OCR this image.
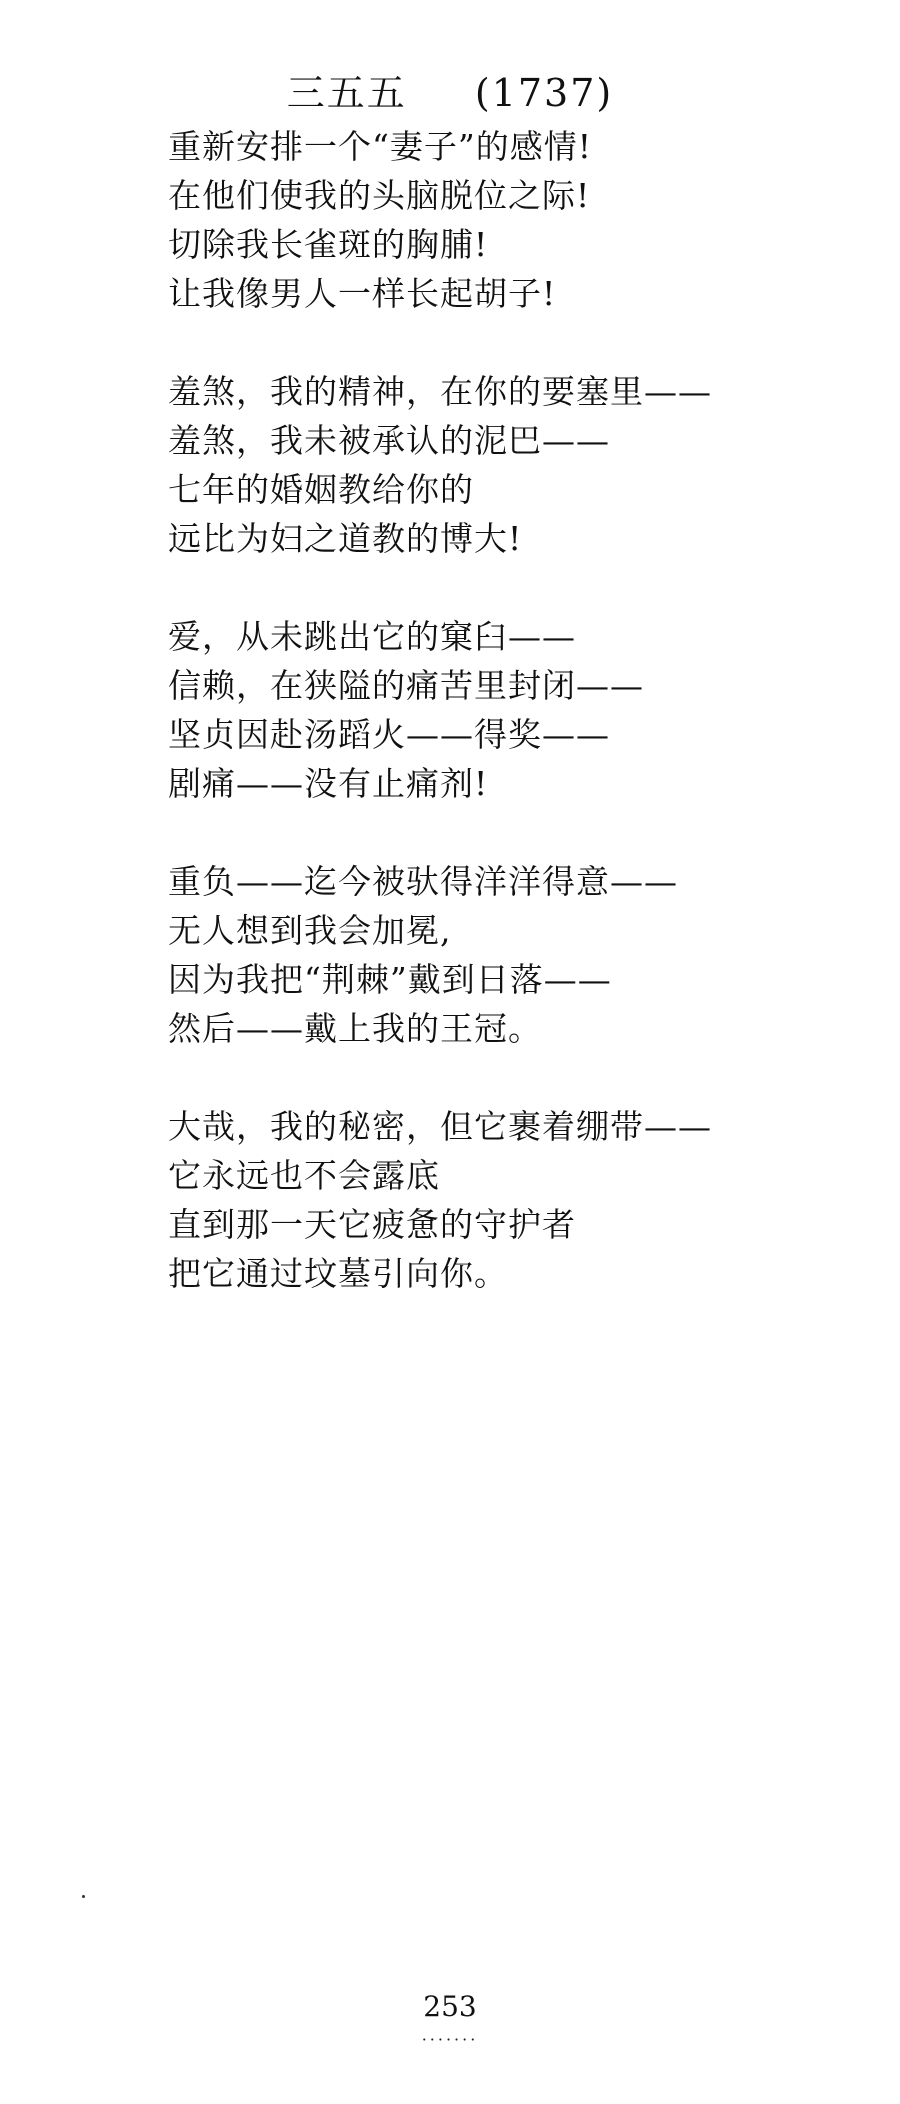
三五五 (1737)
重新安排一个“妻子”的感情!
在他们使我的头脑脱位之际!
切除我长雀斑的胸脯!
让我像男人一样长起胡子!
羞煞，我的精神，在你的要塞里——
羞煞，我未被承认的泥巴——
七年的婚姻教给你的
远比为妇之道教的博大!
爱，从未跳出它的窠臼——
信赖，在狭隘的痛苦里封闭——
坚贞因赴汤蹈火——得奖——
剧痛——没有止痛剂!
重负——迄今被驮得洋洋得意——
无人想到我会加冕,
因为我把“荆棘”戴到日落——
然后——戴上我的王冠。
大哉，我的秘密，但它裹着绷带——
它永远也不会露底
直到那一天它疲惫的守护者
把它通过坟墓引向你。
253
·······
